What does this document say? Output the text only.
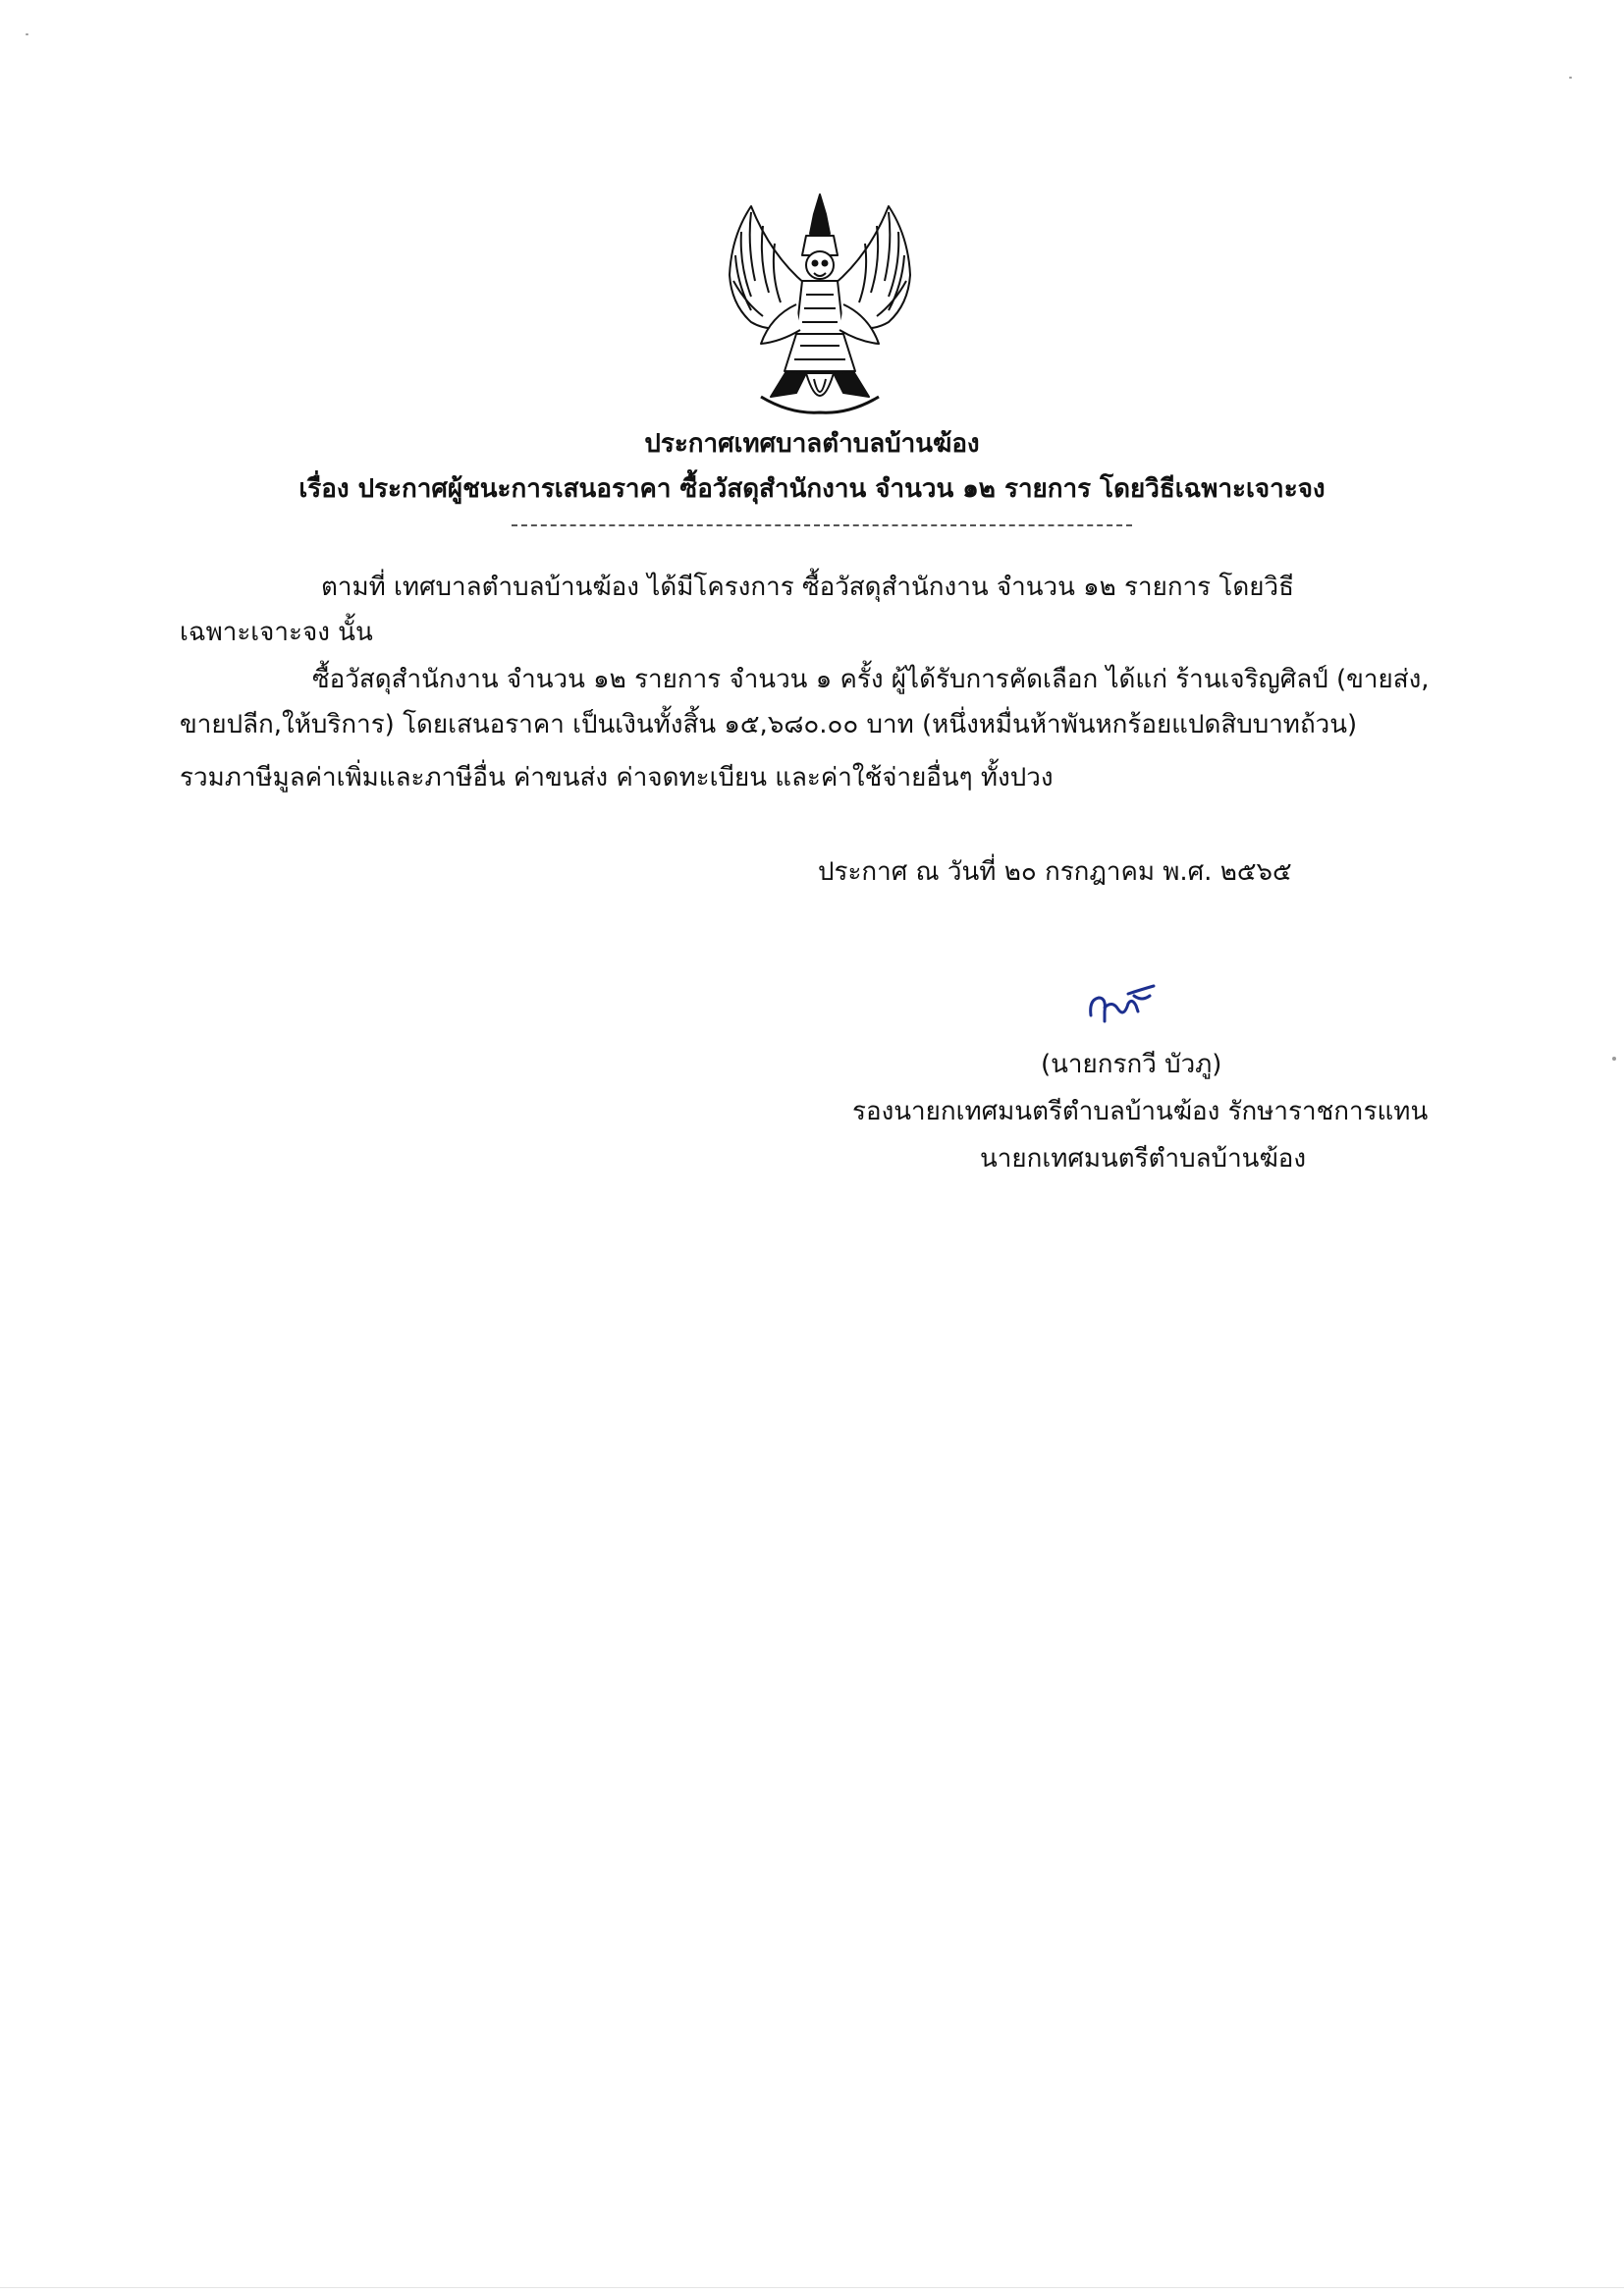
ประกาศเทศบาลตำบลบ้านฆ้อง
เรื่อง ประกาศผู้ชนะการเสนอราคา ซื้อวัสดุสำนักงาน จำนวน ๑๒ รายการ โดยวิธีเฉพาะเจาะจง
ตามที่ เทศบาลตำบลบ้านฆ้อง ได้มีโครงการ ซื้อวัสดุสำนักงาน จำนวน ๑๒ รายการ โดยวิธี
เฉพาะเจาะจง นั้น
ซื้อวัสดุสำนักงาน จำนวน ๑๒ รายการ จำนวน ๑ ครั้ง ผู้ได้รับการคัดเลือก ได้แก่ ร้านเจริญศิลป์ (ขายส่ง,
ขายปลีก,ให้บริการ) โดยเสนอราคา เป็นเงินทั้งสิ้น ๑๕,๖๘๐.๐๐ บาท (หนึ่งหมื่นห้าพันหกร้อยแปดสิบบาทถ้วน)
รวมภาษีมูลค่าเพิ่มและภาษีอื่น ค่าขนส่ง ค่าจดทะเบียน และค่าใช้จ่ายอื่นๆ ทั้งปวง
ประกาศ ณ วันที่ ๒๐ กรกฎาคม พ.ศ. ๒๕๖๕
(นายกรกวี บัวภู)
รองนายกเทศมนตรีตำบลบ้านฆ้อง รักษาราชการแทน
นายกเทศมนตรีตำบลบ้านฆ้อง
